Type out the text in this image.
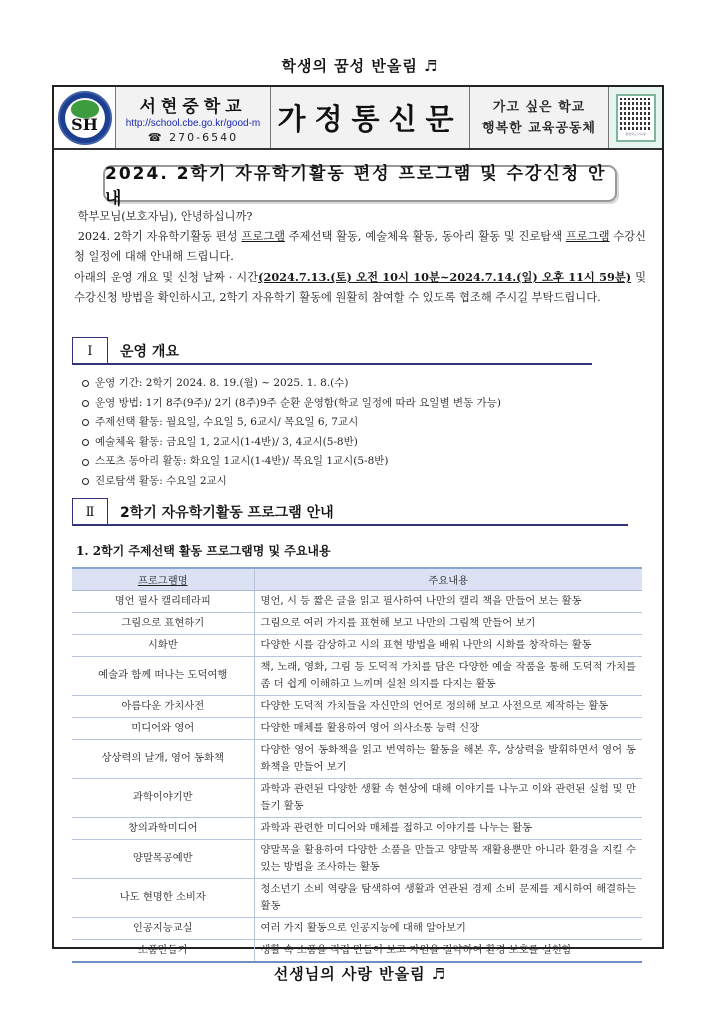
학생의 꿈성 반올림 ♬
SH
서현중학교
http://school.cbe.go.kr/good-m
☎ 270-6540
가정통신문 가고 싶은 학교
행복한 교육공동체	충청북도교육청
2024. 2학기 자유학기활동 편성 프로그램 및 수강신청 안내

학부모님(보호자님), 안녕하십니까?

2024. 2학기 자유학기활동 편성 프로그램 주제선택 활동, 예술체육 활동, 동아리 활동 및 진로탐색 프로그램 수강신청 일정에 대해 안내해 드립니다.

아래의 운영 개요 및 신청 날짜 · 시간(2024.7.13.(토) 오전 10시 10분~2024.7.14.(일) 오후 11시 59분) 및 수강신청 방법을 확인하시고, 2학기 자유학기 활동에 원활히 참여할 수 있도록 협조해 주시길 부탁드립니다.

Ⅰ	운영 개요
운영 기간: 2학기 2024. 8. 19.(월) ~ 2025. 1. 8.(수)
운영 방법: 1기 8주(9주)/ 2기 (8주)9주 순환 운영함(학교 일정에 따라 요일별 변동 가능)
주제선택 활동: 월요일, 수요일 5, 6교시/ 목요일 6, 7교시
예술체육 활동: 금요일 1, 2교시(1-4반)/ 3, 4교시(5-8반)
스포츠 동아리 활동: 화요일 1교시(1-4반)/ 목요일 1교시(5-8반)
진로탐색 활동: 수요일 2교시
Ⅱ	2학기 자유학기활동 프로그램 안내
1. 2학기 주제선택 활동 프로그램명 및 주요내용
프로그램명	주요내용
명언 필사 캘리테라피	명언, 시 등 짧은 글을 읽고 필사하여 나만의 캘리 책을 만들어 보는 활동
그림으로 표현하기	그림으로 여러 가지를 표현해 보고 나만의 그림책 만들어 보기
시화반	다양한 시를 감상하고 시의 표현 방법을 배워 나만의 시화를 창작하는 활동
예술과 함께 떠나는 도덕여행	책, 노래, 영화, 그림 등 도덕적 가치를 담은 다양한 예술 작품을 통해 도덕적 가치를 좀 더 쉽게 이해하고 느끼며 실천 의지를 다지는 활동
아름다운 가치사전	다양한 도덕적 가치들을 자신만의 언어로 정의해 보고 사전으로 제작하는 활동
미디어와 영어	다양한 매체를 활용하여 영어 의사소통 능력 신장
상상력의 날개, 영어 동화책	다양한 영어 동화책을 읽고 번역하는 활동을 해본 후, 상상력을 발휘하면서 영어 동화책을 만들어 보기
과학이야기반	과학과 관련된 다양한 생활 속 현상에 대해 이야기를 나누고 이와 관련된 실험 및 만들기 활동
창의과학미디어	과학과 관련한 미디어와 매체를 접하고 이야기를 나누는 활동
양말목공예반	양말목을 활용하여 다양한 소품을 만들고 양말목 재활용뿐만 아니라 환경을 지킬 수 있는 방법을 조사하는 활동
나도 현명한 소비자	청소년기 소비 역량을 탐색하여 생활과 연관된 경제 소비 문제를 제시하여 해결하는 활동
인공지능교실	여러 가지 활동으로 인공지능에 대해 알아보기
소품만들기	생활 속 소품을 직접 만들어 보고 자원을 절약하여 환경 보호를 실천함
선생님의 사랑 반올림 ♬
